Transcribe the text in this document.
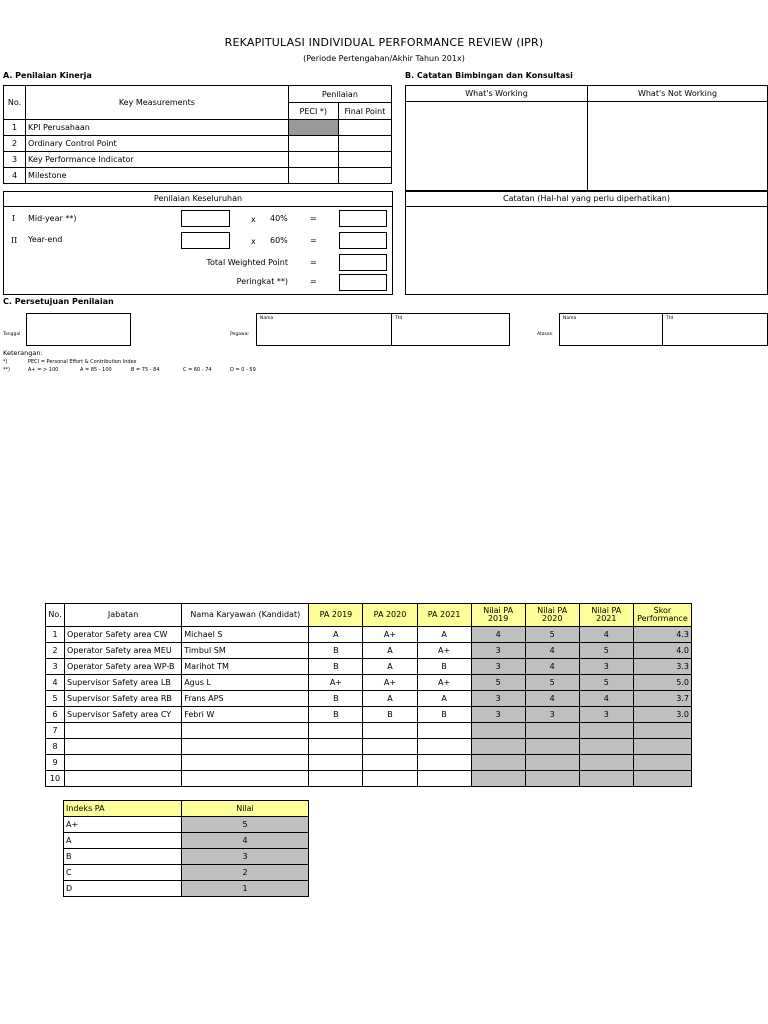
REKAPITULASI INDIVIDUAL PERFORMANCE REVIEW (IPR)
(Periode Pertengahan/Akhir Tahun 201x)
A. Penilaian Kinerja
No.	Key Measurements	Penilaian	
		PECI *)	Final Point
1	KPI Perusahaan		
2	Ordinary Control Point		
3	Key Performance Indicator		
4	Milestone		
Penilaian Keseluruhan
I Mid-year **)	x 40%	=
II Year-end	x 60%	=
Total Weighted Point	=
Peringkat **)	=
B. Catatan Bimbingan dan Konsultasi
What's Working	What's Not Working
Catatan (Hal-hal yang perlu diperhatikan)
C. Persetujuan Penilaian
Tanggal	Pegawai
Nama	Ttd
Atasan
Nama	Ttd
Keterangan:
*)	PECI = Personal Effort & Contribution Index
**)	A+ = > 100	A = 85 - 100	B = 75 - 84	C = 60 - 74	D = 0 - 59
No.	Jabatan	Nama Karyawan (Kandidat)	PA 2019	PA 2020	PA 2021	Nilai PA 2019	Nilai PA 2020	Nilai PA 2021	Skor Performance
1	Operator Safety area CW	Michael S	A	A+	A	4	5	4	4.3
2	Operator Safety area MEU	Timbul SM	B	A	A+	3	4	5	4.0
3	Operator Safety area WP-B	Marihot TM	B	A	B	3	4	3	3.3
4	Supervisor Safety area LB	Agus L	A+	A+	A+	5	5	5	5.0
5	Supervisor Safety area RB	Frans APS	B	A	A	3	4	4	3.7
6	Supervisor Safety area CY	Febri W	B	B	B	3	3	3	3.0
7									
8									
9									
10									
Indeks PA	Nilai
A+	5
A	4
B	3
C	2
D	1
